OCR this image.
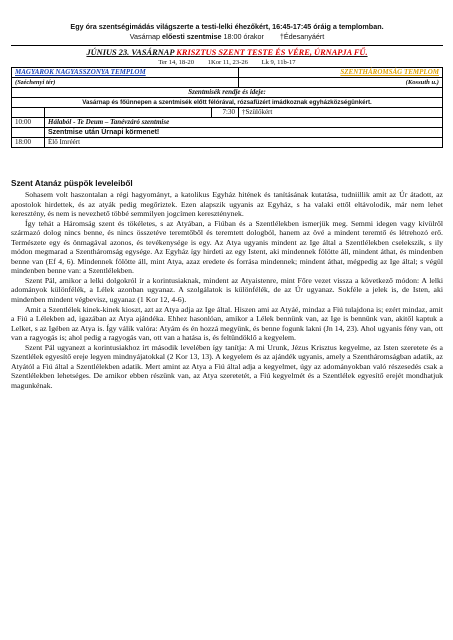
Egy óra szentségimádás világszerte a testi-lelki éhezőkért, 16:45-17:45 óráig a templomban.
Vasárnap előesti szentmise 18:00 órakor †Édesanyáért
JÚNIUS 23. VASÁRNAP KRISZTUS SZENT TESTE ÉS VÉRE, ÚRNAPJA FŰ.
Ter 14, 18-20 1Kor 11, 23-26 Lk 9, 11b-17
MAGYAROK NAGYASSZONYA TEMPLOM			SZENTHÁROMSÁG TEMPLOM
(Széchenyi tér)			(Kossuth u.)
Szentmisék rendje és ideje:			
Vasárnap és főünnepen a szentmisék előtt félórával, rózsafüzért imádkoznak egyházközségünkért.			
		7:30	†Szülőkért
10:00	Hálaból - Te Deum – Tanévzáró szentmise		
	Szentmise után Úrnapi körmenet!		
18:00	Élő Imréért		
Szent Atanáz püspök leveleiből

Sohasem volt haszontalan a régi hagyományt, a katolikus Egyház hitének és tanításának kutatása, tudniillik amit az Úr átadott, az apostolok hirdettek, és az atyák pedig megőriztek. Ezen alapszik ugyanis az Egyház, s ha valaki ettől eltávolodik, már nem lehet keresztény, és nem is nevezhető többé semmilyen jogcímen kereszténynek.

Így tehát a Háromság szent és tökéletes, s az Atyában, a Fiúban és a Szentlélekben ismerjük meg. Semmi idegen vagy kívülről származó dolog nincs benne, és nincs összetéve teremtőből és teremtett dologból, hanem az övé a mindent teremtő és létrehozó erő. Természete egy és önmagával azonos, és tevékenysége is egy. Az Atya ugyanis mindent az Ige által a Szentlélekben cselekszik, s ily módon megmarad a Szentháromság egysége. Az Egyház így hirdeti az egy Istent, aki mindennek fölötte áll, mindent áthat, és mindenben benne van (Ef 4, 6). Mindennek fölötte áll, mint Atya, azaz eredete és forrása mindennek; mindent áthat, mégpedig az Ige által; s végül mindenben benne van: a Szentlélekben.

Szent Pál, amikor a lelki dolgokról ír a korintusiaknak, mindent az Atyaistenre, mint Főre vezet vissza a következő módon: A lelki adományok különfélék, a Lélek azonban ugyanaz. A szolgálatok is különfélék, de az Úr ugyanaz. Sokféle a jelek is, de Isten, aki mindenben mindent végbevisz, ugyanaz (1 Kor 12, 4-6).

Amit a Szentlélek kinek-kinek kioszt, azt az Atya adja az Ige által. Hiszen ami az Atyáé, mindaz a Fiú tulajdona is; ezért mindaz, amit a Fiú a Lélekben ad, igazában az Atya ajándéka. Ehhez hasonlóan, amikor a Lélek bennünk van, az Ige is bennünk van, akitől kaptuk a Lelket, s az Igében az Atya is. Így válik valóra: Atyám és én hozzá megyünk, és benne fogunk lakni (Jn 14, 23). Ahol ugyanis fény van, ott van a ragyogás is; ahol pedig a ragyogás van, ott van a hatása is, és feltündöklő a kegyelem.

Szent Pál ugyanezt a korintusiakhoz írt második levelében így tanítja: A mi Urunk, Jézus Krisztus kegyelme, az Isten szeretete és a Szentlélek egyesítő ereje legyen mindnyájatokkal (2 Kor 13, 13). A kegyelem és az ajándék ugyanis, amely a Szentháromságban adatik, az Atyától a Fiú által a Szentlélekben adatik. Mert amint az Atya a Fiú által adja a kegyelmet, úgy az adományokban való részesedés csak a Szentlélekben lehetséges. De amikor ebben részünk van, az Atya szeretetét, a Fiú kegyelmét és a Szentlélek egyesítő erejét mondhatjuk magunkénak.
